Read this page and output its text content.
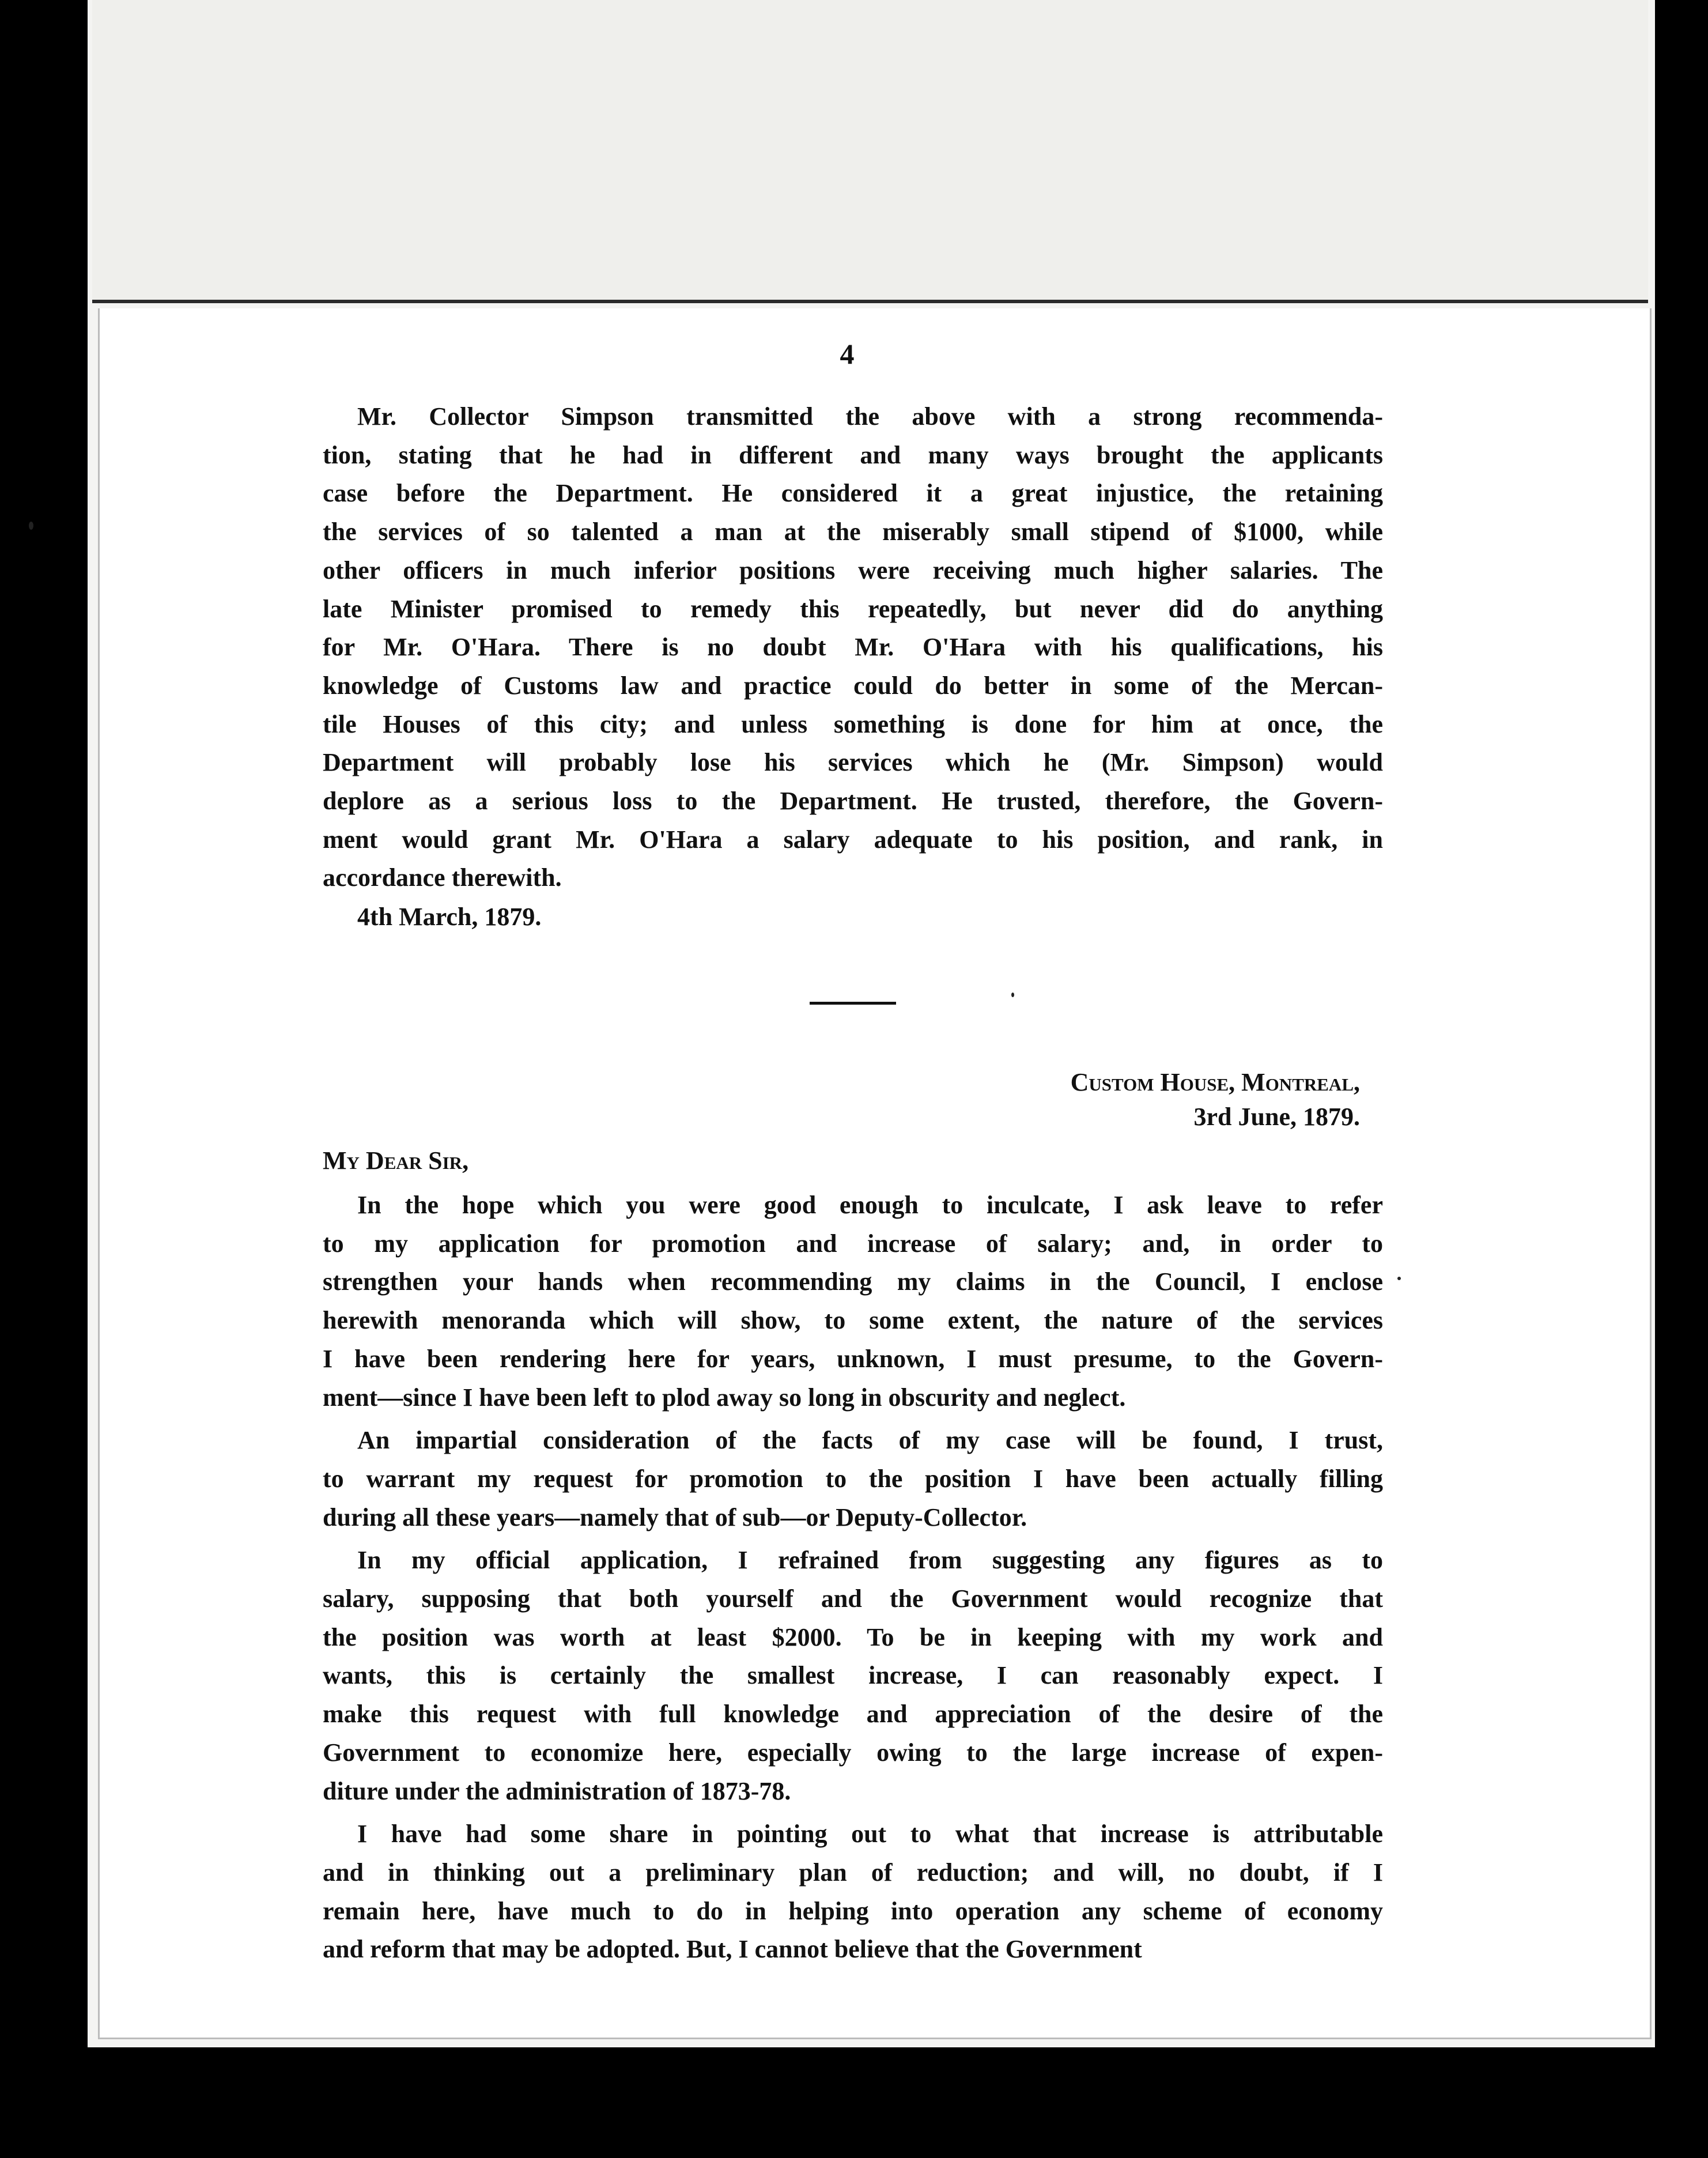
4

Mr. Collector Simpson transmitted the above with a strong recommenda-
tion, stating that he had in different and many ways brought the applicants
case before the Department. He considered it a great injustice, the retaining
the services of so talented a man at the miserably small stipend of $1000, while
other officers in much inferior positions were receiving much higher salaries. The
late Minister promised to remedy this repeatedly, but never did do anything
for Mr. O'Hara. There is no doubt Mr. O'Hara with his qualifications, his
knowledge of Customs law and practice could do better in some of the Mercan-
tile Houses of this city; and unless something is done for him at once, the
Department will probably lose his services which he (Mr. Simpson) would
deplore as a serious loss to the Department. He trusted, therefore, the Govern-
ment would grant Mr. O'Hara a salary adequate to his position, and rank, in
accordance therewith.

4th March, 1879.
Custom House, Montreal,
3rd June, 1879.
My Dear Sir,

In the hope which you were good enough to inculcate, I ask leave to refer
to my application for promotion and increase of salary; and, in order to
strengthen your hands when recommending my claims in the Council, I enclose
herewith menoranda which will show, to some extent, the nature of the services
I have been rendering here for years, unknown, I must presume, to the Govern-
ment—since I have been left to plod away so long in obscurity and neglect.

An impartial consideration of the facts of my case will be found, I trust,
to warrant my request for promotion to the position I have been actually filling
during all these years—namely that of sub—or Deputy-Collector.

In my official application, I refrained from suggesting any figures as to
salary, supposing that both yourself and the Government would recognize that
the position was worth at least $2000. To be in keeping with my work and
wants, this is certainly the smallest increase, I can reasonably expect. I
make this request with full knowledge and appreciation of the desire of the
Government to economize here, especially owing to the large increase of expen-
diture under the administration of 1873-78.

I have had some share in pointing out to what that increase is attributable
and in thinking out a preliminary plan of reduction; and will, no doubt, if I
remain here, have much to do in helping into operation any scheme of economy
and reform that may be adopted. But, I cannot believe that the Government
